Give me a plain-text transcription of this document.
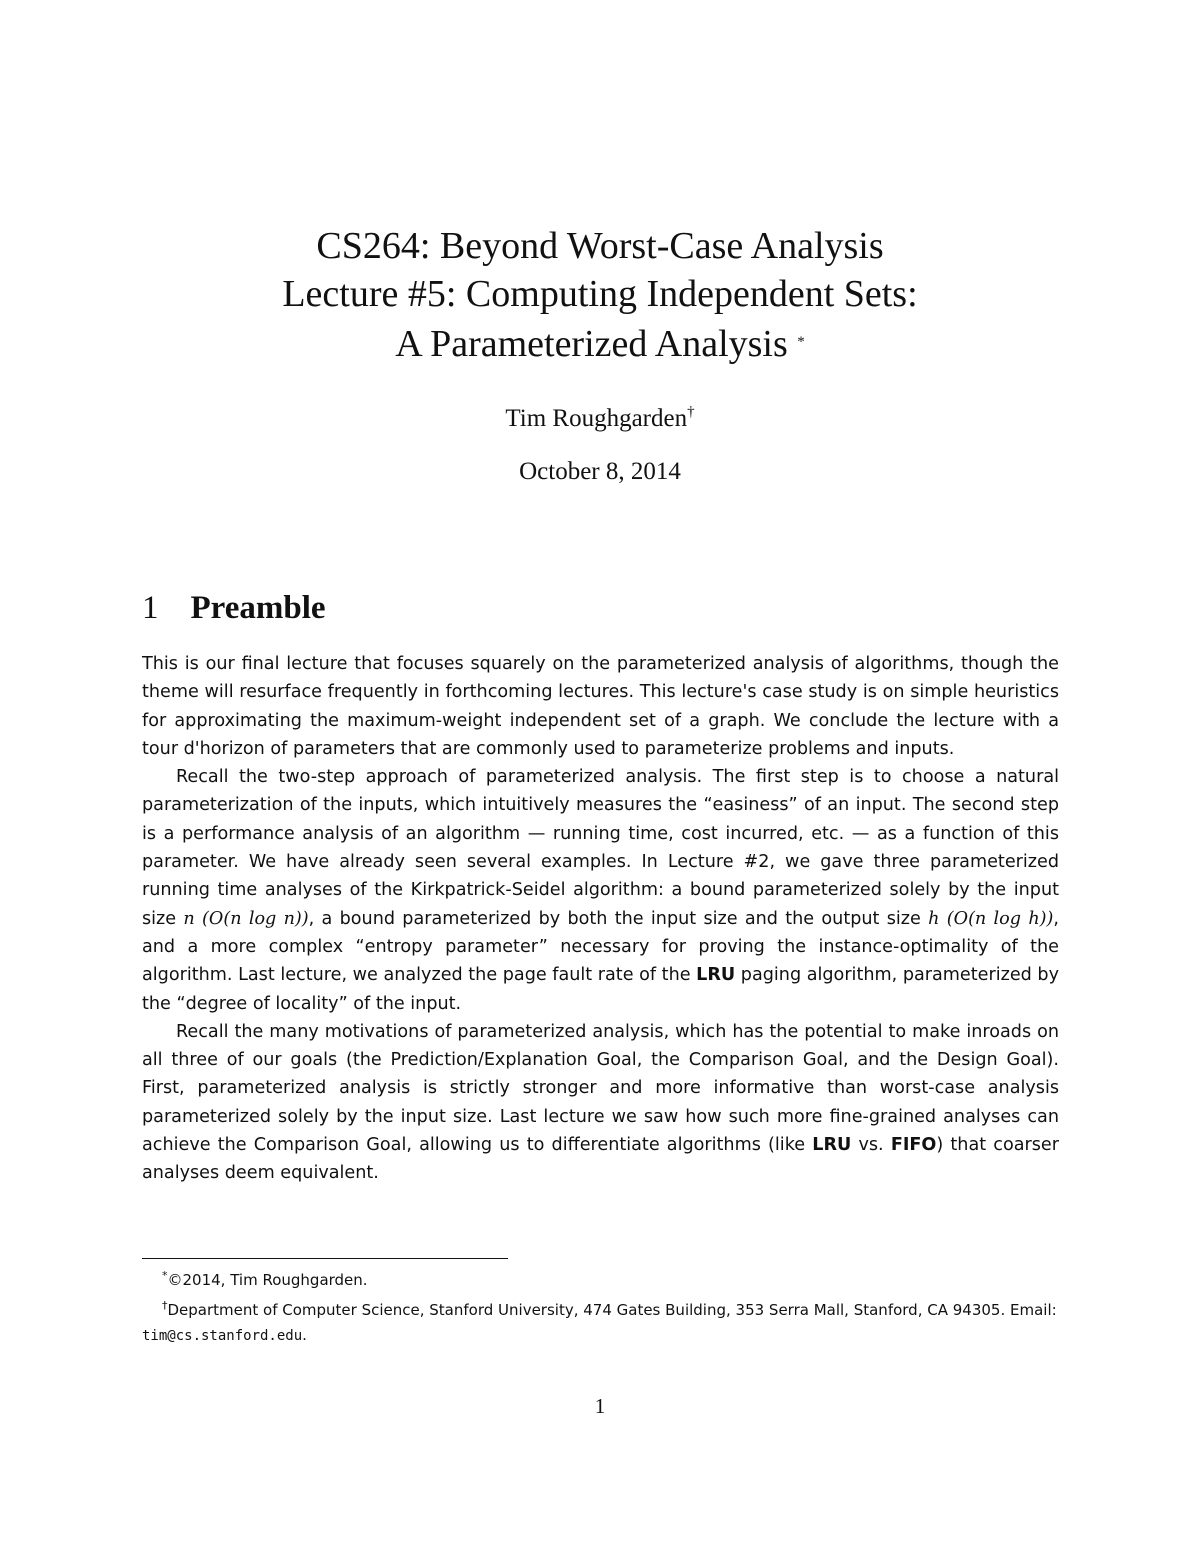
CS264: Beyond Worst-Case Analysis
Lecture #5: Computing Independent Sets:
A Parameterized Analysis *
Tim Roughgarden†
October 8, 2014
1 Preamble

This is our final lecture that focuses squarely on the parameterized analysis of algorithms, though the theme will resurface frequently in forthcoming lectures. This lecture's case study is on simple heuristics for approximating the maximum-weight independent set of a graph. We conclude the lecture with a tour d'horizon of parameters that are commonly used to parameterize problems and inputs.

Recall the two-step approach of parameterized analysis. The first step is to choose a natural parameterization of the inputs, which intuitively measures the “easiness” of an input. The second step is a performance analysis of an algorithm — running time, cost incurred, etc. — as a function of this parameter. We have already seen several examples. In Lecture #2, we gave three parameterized running time analyses of the Kirkpatrick-Seidel algorithm: a bound parameterized solely by the input size n (O(n log n)), a bound parameterized by both the input size and the output size h (O(n log h)), and a more complex “entropy parameter” necessary for proving the instance-optimality of the algorithm. Last lecture, we analyzed the page fault rate of the LRU paging algorithm, parameterized by the “degree of locality” of the input.

Recall the many motivations of parameterized analysis, which has the potential to make inroads on all three of our goals (the Prediction/Explanation Goal, the Comparison Goal, and the Design Goal). First, parameterized analysis is strictly stronger and more informative than worst-case analysis parameterized solely by the input size. Last lecture we saw how such more fine-grained analyses can achieve the Comparison Goal, allowing us to differentiate algorithms (like LRU vs. FIFO) that coarser analyses deem equivalent.

*©2014, Tim Roughgarden.

†Department of Computer Science, Stanford University, 474 Gates Building, 353 Serra Mall, Stanford, CA 94305. Email: tim@cs.stanford.edu.

1
